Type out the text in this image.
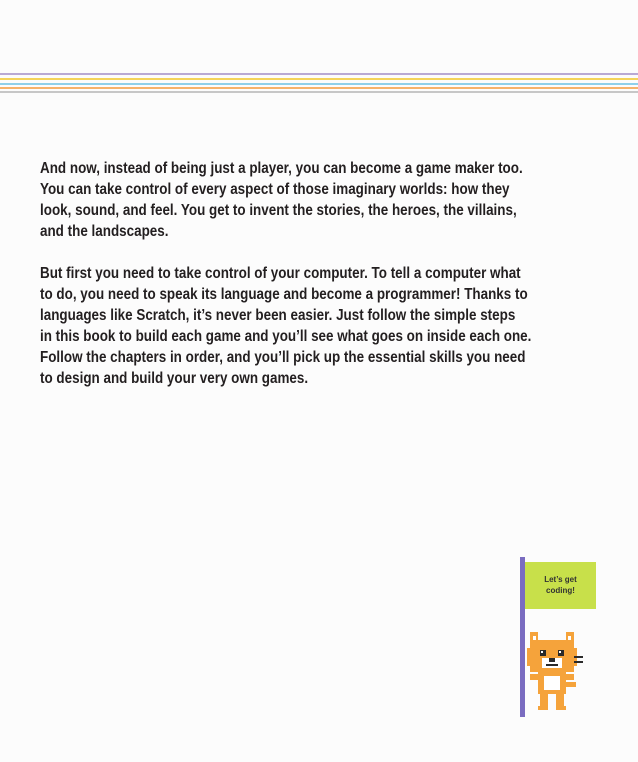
And now, instead of being just a player, you can become a game maker too.
You can take control of every aspect of those imaginary worlds: how they
look, sound, and feel. You get to invent the stories, the heroes, the villains,
and the landscapes.

But first you need to take control of your computer. To tell a computer what
to do, you need to speak its language and become a programmer! Thanks to
languages like Scratch, it’s never been easier. Just follow the simple steps
in this book to build each game and you’ll see what goes on inside each one.
Follow the chapters in order, and you’ll pick up the essential skills you need
to design and build your very own games.

Let’s get
coding!
